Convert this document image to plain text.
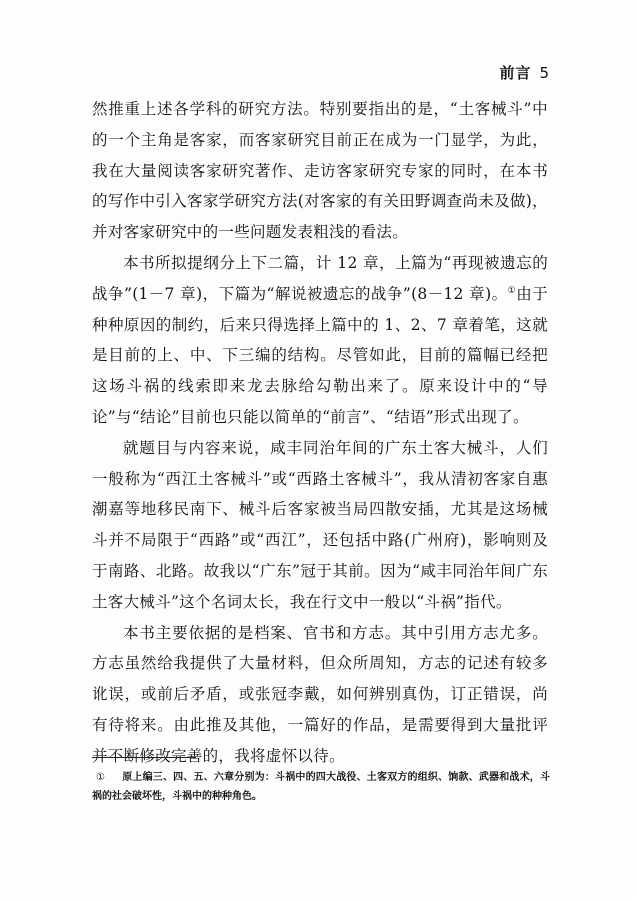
前言 5

然推重上述各学科的研究方法。特别要指出的是，“土客械斗”中的一个主角是客家，而客家研究目前正在成为一门显学，为此，我在大量阅读客家研究著作、走访客家研究专家的同时，在本书的写作中引入客家学研究方法(对客家的有关田野调查尚未及做)，并对客家研究中的一些问题发表粗浅的看法。

本书所拟提纲分上下二篇，计 12 章，上篇为“再现被遗忘的战争”(1－7 章)，下篇为“解说被遗忘的战争”(8－12 章)。①由于种种原因的制约，后来只得选择上篇中的 1、2、7 章着笔，这就是目前的上、中、下三编的结构。尽管如此，目前的篇幅已经把这场斗祸的线索即来龙去脉给勾勒出来了。原来设计中的“导论”与“结论”目前也只能以简单的“前言”、“结语”形式出现了。

就题目与内容来说，咸丰同治年间的广东土客大械斗，人们一般称为“西江土客械斗”或“西路土客械斗”，我从清初客家自惠潮嘉等地移民南下、械斗后客家被当局四散安插，尤其是这场械斗并不局限于“西路”或“西江”，还包括中路(广州府)，影响则及于南路、北路。故我以“广东”冠于其前。因为“咸丰同治年间广东土客大械斗”这个名词太长，我在行文中一般以“斗祸”指代。

本书主要依据的是档案、官书和方志。其中引用方志尤多。方志虽然给我提供了大量材料，但众所周知，方志的记述有较多讹误，或前后矛盾，或张冠李戴，如何辨别真伪，订正错误，尚有待将来。由此推及其他，一篇好的作品，是需要得到大量批评并不断修改完善的，我将虚怀以待。

① 原上编三、四、五、六章分别为：斗祸中的四大战役、土客双方的组织、饷款、武器和战术，斗祸的社会破坏性，斗祸中的种种角色。
